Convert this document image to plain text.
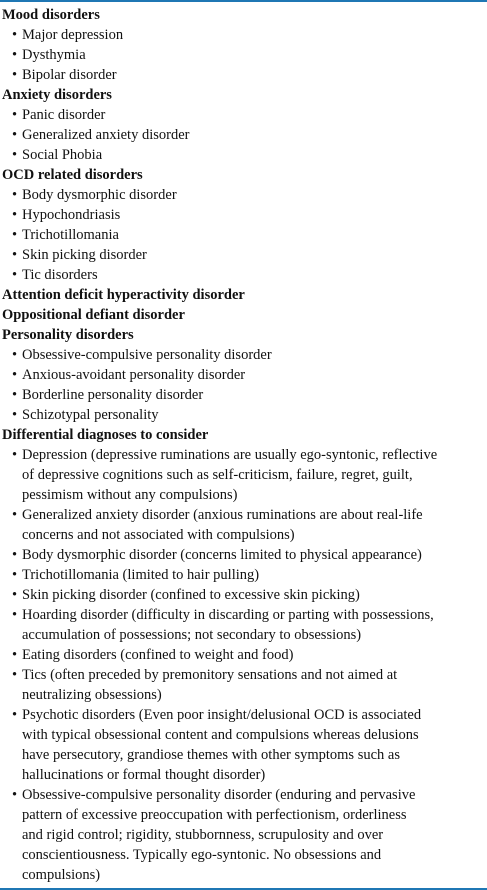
Mood disorders
• Major depression
• Dysthymia
• Bipolar disorder
Anxiety disorders
• Panic disorder
• Generalized anxiety disorder
• Social Phobia
OCD related disorders
• Body dysmorphic disorder
• Hypochondriasis
• Trichotillomania
• Skin picking disorder
• Tic disorders
Attention deficit hyperactivity disorder
Oppositional defiant disorder
Personality disorders
• Obsessive-compulsive personality disorder
• Anxious-avoidant personality disorder
• Borderline personality disorder
• Schizotypal personality
Differential diagnoses to consider
• Depression (depressive ruminations are usually ego-syntonic, reflective
of depressive cognitions such as self-criticism, failure, regret, guilt,
pessimism without any compulsions)
• Generalized anxiety disorder (anxious ruminations are about real-life
concerns and not associated with compulsions)
• Body dysmorphic disorder (concerns limited to physical appearance)
• Trichotillomania (limited to hair pulling)
• Skin picking disorder (confined to excessive skin picking)
• Hoarding disorder (difficulty in discarding or parting with possessions,
accumulation of possessions; not secondary to obsessions)
• Eating disorders (confined to weight and food)
• Tics (often preceded by premonitory sensations and not aimed at
neutralizing obsessions)
• Psychotic disorders (Even poor insight/delusional OCD is associated
with typical obsessional content and compulsions whereas delusions
have persecutory, grandiose themes with other symptoms such as
hallucinations or formal thought disorder)
• Obsessive-compulsive personality disorder (enduring and pervasive
pattern of excessive preoccupation with perfectionism, orderliness
and rigid control; rigidity, stubbornness, scrupulosity and over
conscientiousness. Typically ego-syntonic. No obsessions and
compulsions)
